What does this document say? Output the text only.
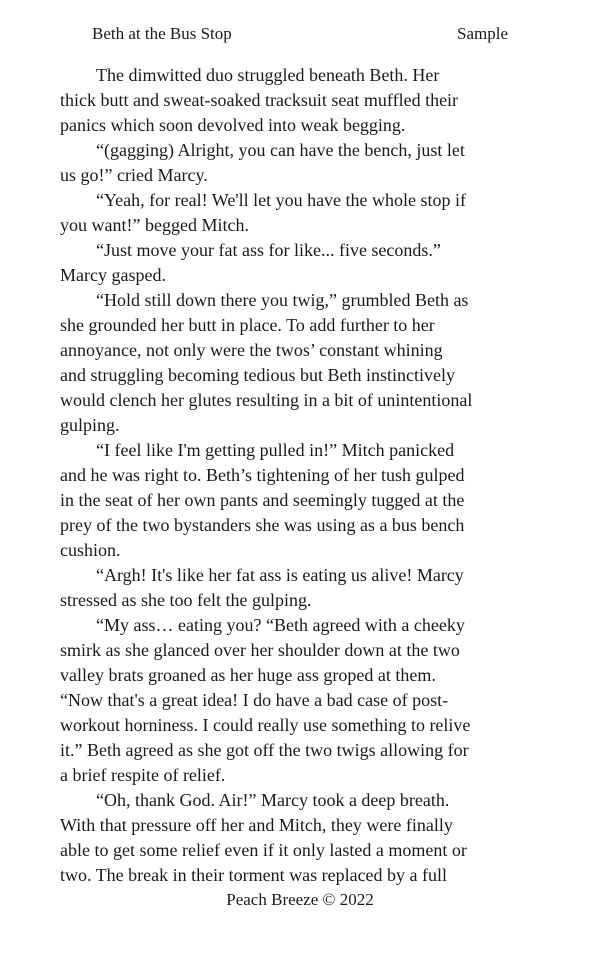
Beth at the Bus Stop	Sample
The dimwitted duo struggled beneath Beth. Her
thick butt and sweat-soaked tracksuit seat muffled their
panics which soon devolved into weak begging.
“(gagging) Alright, you can have the bench, just let
us go!” cried Marcy.
“Yeah, for real! We'll let you have the whole stop if
you want!” begged Mitch.
“Just move your fat ass for like... five seconds.”
Marcy gasped.
“Hold still down there you twig,” grumbled Beth as
she grounded her butt in place. To add further to her
annoyance, not only were the twos’ constant whining
and struggling becoming tedious but Beth instinctively
would clench her glutes resulting in a bit of unintentional
gulping.
“I feel like I'm getting pulled in!” Mitch panicked
and he was right to. Beth’s tightening of her tush gulped
in the seat of her own pants and seemingly tugged at the
prey of the two bystanders she was using as a bus bench
cushion.
“Argh! It's like her fat ass is eating us alive! Marcy
stressed as she too felt the gulping.
“My ass… eating you? “Beth agreed with a cheeky
smirk as she glanced over her shoulder down at the two
valley brats groaned as her huge ass groped at them.
“Now that's a great idea! I do have a bad case of post-
workout horniness. I could really use something to relive
it.” Beth agreed as she got off the two twigs allowing for
a brief respite of relief.
“Oh, thank God. Air!” Marcy took a deep breath.
With that pressure off her and Mitch, they were finally
able to get some relief even if it only lasted a moment or
two. The break in their torment was replaced by a full
Peach Breeze © 2022
